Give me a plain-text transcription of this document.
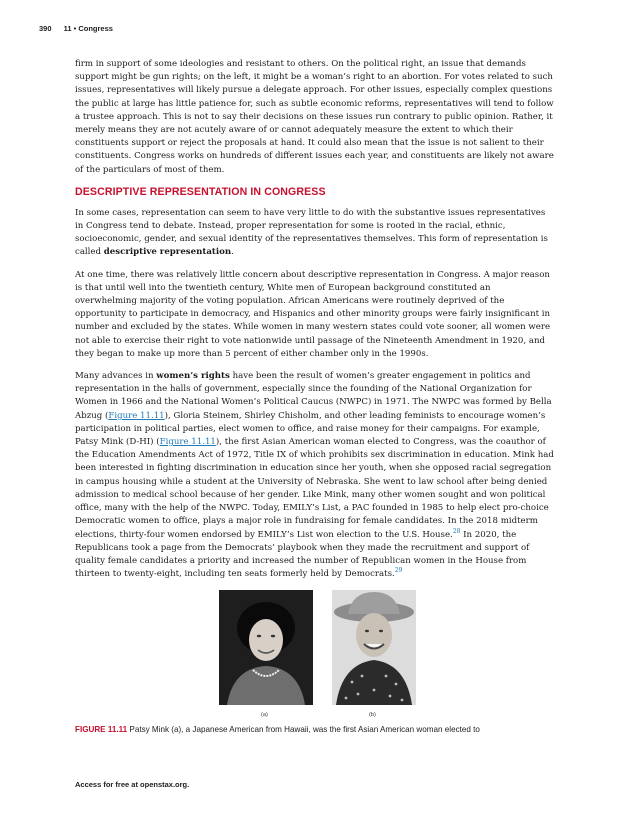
390 11 • Congress

firm in support of some ideologies and resistant to others. On the political right, an issue that demands support might be gun rights; on the left, it might be a woman’s right to an abortion. For votes related to such issues, representatives will likely pursue a delegate approach. For other issues, especially complex questions the public at large has little patience for, such as subtle economic reforms, representatives will tend to follow a trustee approach. This is not to say their decisions on these issues run contrary to public opinion. Rather, it merely means they are not acutely aware of or cannot adequately measure the extent to which their constituents support or reject the proposals at hand. It could also mean that the issue is not salient to their constituents. Congress works on hundreds of different issues each year, and constituents are likely not aware of the particulars of most of them.

DESCRIPTIVE REPRESENTATION IN CONGRESS

In some cases, representation can seem to have very little to do with the substantive issues representatives in Congress tend to debate. Instead, proper representation for some is rooted in the racial, ethnic, socioeconomic, gender, and sexual identity of the representatives themselves. This form of representation is called descriptive representation.

At one time, there was relatively little concern about descriptive representation in Congress. A major reason is that until well into the twentieth century, White men of European background constituted an overwhelming majority of the voting population. African Americans were routinely deprived of the opportunity to participate in democracy, and Hispanics and other minority groups were fairly insignificant in number and excluded by the states. While women in many western states could vote sooner, all women were not able to exercise their right to vote nationwide until passage of the Nineteenth Amendment in 1920, and they began to make up more than 5 percent of either chamber only in the 1990s.

Many advances in women’s rights have been the result of women’s greater engagement in politics and representation in the halls of government, especially since the founding of the National Organization for Women in 1966 and the National Women’s Political Caucus (NWPC) in 1971. The NWPC was formed by Bella Abzug (Figure 11.11), Gloria Steinem, Shirley Chisholm, and other leading feminists to encourage women’s participation in political parties, elect women to office, and raise money for their campaigns. For example, Patsy Mink (D-HI) (Figure 11.11), the first Asian American woman elected to Congress, was the coauthor of the Education Amendments Act of 1972, Title IX of which prohibits sex discrimination in education. Mink had been interested in fighting discrimination in education since her youth, when she opposed racial segregation in campus housing while a student at the University of Nebraska. She went to law school after being denied admission to medical school because of her gender. Like Mink, many other women sought and won political office, many with the help of the NWPC. Today, EMILY’s List, a PAC founded in 1985 to help elect pro-choice Democratic women to office, plays a major role in fundraising for female candidates. In the 2018 midterm elections, thirty-four women endorsed by EMILY’s List won election to the U.S. House.$^{28}$ In 2020, the Republicans took a page from the Democrats’ playbook when they made the recruitment and support of quality female candidates a priority and increased the number of Republican women in the House from thirteen to twenty-eight, including ten seats formerly held by Democrats.$^{29}$

(a)	(b)

FIGURE 11.11 Patsy Mink (a), a Japanese American from Hawaii, was the first Asian American woman elected to

Access for free at openstax.org.
